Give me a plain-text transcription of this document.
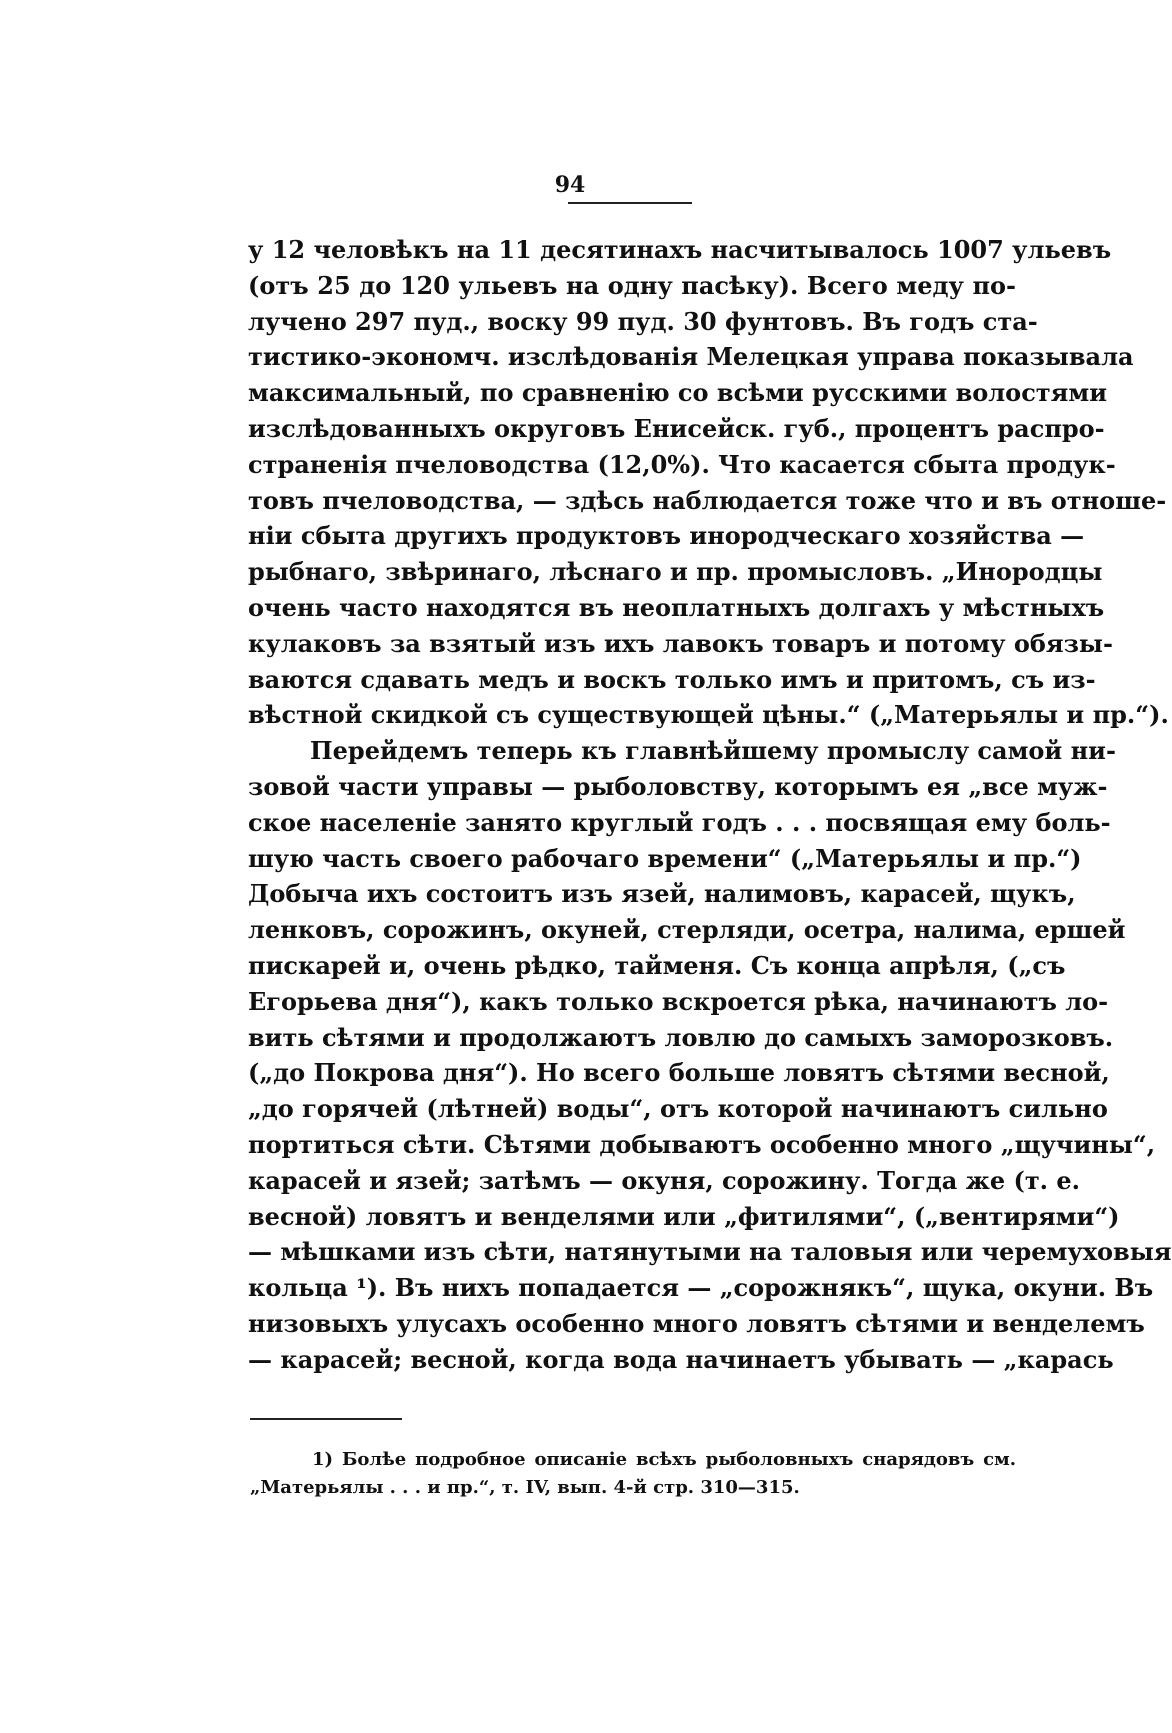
94
у 12 человѣкъ на 11 десятинахъ насчитывалось 1007 ульевъ
(отъ 25 до 120 ульевъ на одну пасѣку). Всего меду по-
лучено 297 пуд., воску 99 пуд. 30 фунтовъ. Въ годъ ста-
тистико-экономч. изслѣдованія Мелецкая управа показывала
максимальный, по сравненію со всѣми русскими волостями
изслѣдованныхъ округовъ Енисейск. губ., процентъ распро-
страненія пчеловодства (12,0%). Что касается сбыта продук-
товъ пчеловодства, — здѣсь наблюдается тоже что и въ отноше-
ніи сбыта другихъ продуктовъ инородческаго хозяйства —
рыбнаго, звѣринаго, лѣснаго и пр. промысловъ. „Инородцы
очень часто находятся въ неоплатныхъ долгахъ у мѣстныхъ
кулаковъ за взятый изъ ихъ лавокъ товаръ и потому обязы-
ваются сдавать медъ и воскъ только имъ и притомъ, съ из-
вѣстной скидкой съ существующей цѣны.“ („Матерьялы и пр.“).
Перейдемъ теперь къ главнѣйшему промыслу самой ни-
зовой части управы — рыболовству, которымъ ея „все муж-
ское населеніе занято круглый годъ . . . посвящая ему боль-
шую часть своего рабочаго времени“ („Матерьялы и пр.“)
Добыча ихъ состоитъ изъ язей, налимовъ, карасей, щукъ,
ленковъ, сорожинъ, окуней, стерляди, осетра, налима, ершей
пискарей и, очень рѣдко, тайменя. Съ конца апрѣля, („съ
Егорьева дня“), какъ только вскроется рѣка, начинаютъ ло-
вить сѣтями и продолжаютъ ловлю до самыхъ заморозковъ.
(„до Покрова дня“). Но всего больше ловятъ сѣтями весной,
„до горячей (лѣтней) воды“, отъ которой начинаютъ сильно
портиться сѣти. Сѣтями добываютъ особенно много „щучины“,
карасей и язей; затѣмъ — окуня, сорожину. Тогда же (т. е.
весной) ловятъ и венделями или „фитилями“, („вентирями“)
— мѣшками изъ сѣти, натянутыми на таловыя или черемуховыя
кольца ¹). Въ нихъ попадается — „сорожнякъ“, щука, окуни. Въ
низовыхъ улусахъ особенно много ловятъ сѣтями и венделемъ
— карасей; весной, когда вода начинаетъ убывать — „карась
1) Болѣе подробное описаніе всѣхъ рыболовныхъ снарядовъ см.
„Матерьялы . . . и пр.“, т. IV, вып. 4-й стр. 310—315.
